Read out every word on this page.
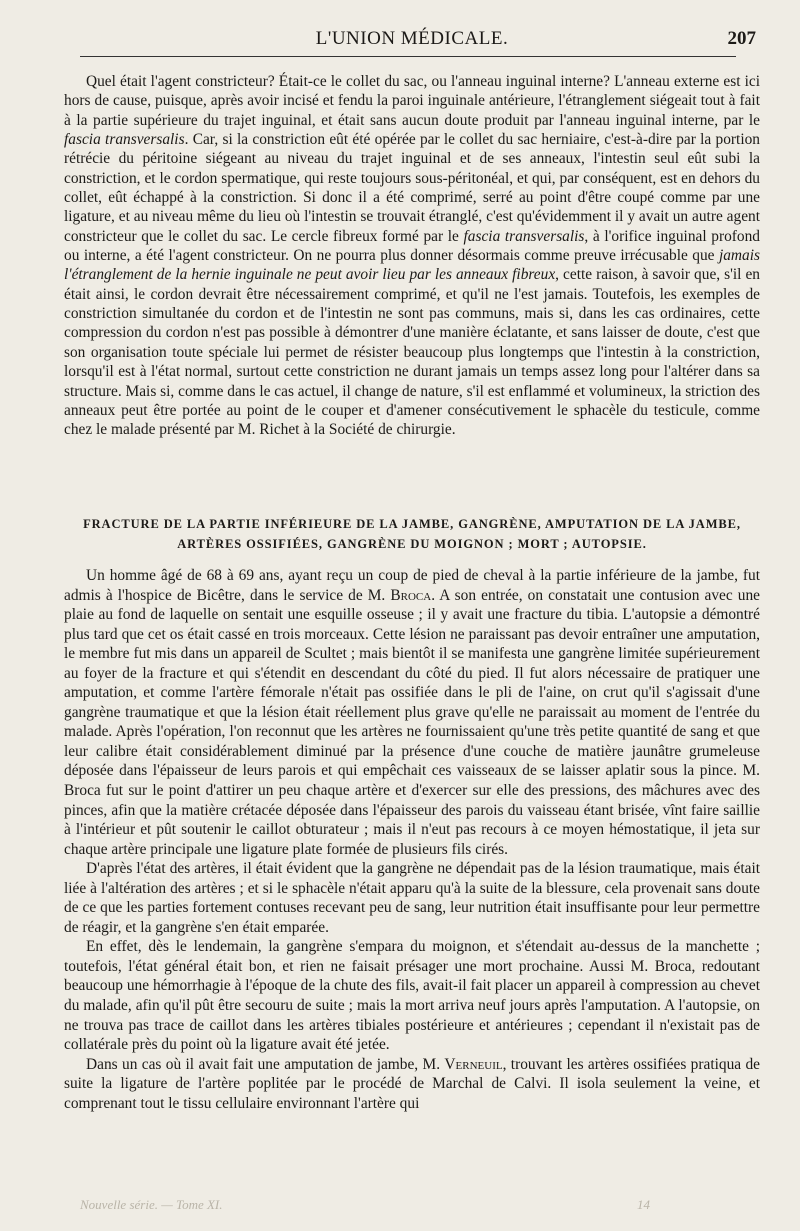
L'UNION MÉDICALE.	207

Quel était l'agent constricteur? Était-ce le collet du sac, ou l'anneau inguinal interne? L'anneau externe est ici hors de cause, puisque, après avoir incisé et fendu la paroi inguinale antérieure, l'étranglement siégeait tout à fait à la partie supérieure du trajet inguinal, et était sans aucun doute produit par l'anneau inguinal interne, par le fascia transversalis. Car, si la constriction eût été opérée par le collet du sac herniaire, c'est-à-dire par la portion rétrécie du péritoine siégeant au niveau du trajet inguinal et de ses anneaux, l'intestin seul eût subi la constriction, et le cordon spermatique, qui reste toujours sous-péritonéal, et qui, par conséquent, est en dehors du collet, eût échappé à la constriction. Si donc il a été comprimé, serré au point d'être coupé comme par une ligature, et au niveau même du lieu où l'intestin se trouvait étranglé, c'est qu'évidemment il y avait un autre agent constricteur que le collet du sac. Le cercle fibreux formé par le fascia transversalis, à l'orifice inguinal profond ou interne, a été l'agent constricteur. On ne pourra plus donner désormais comme preuve irrécusable que jamais l'étranglement de la hernie inguinale ne peut avoir lieu par les anneaux fibreux, cette raison, à savoir que, s'il en était ainsi, le cordon devrait être nécessairement comprimé, et qu'il ne l'est jamais. Toutefois, les exemples de constriction simultanée du cordon et de l'intestin ne sont pas communs, mais si, dans les cas ordinaires, cette compression du cordon n'est pas possible à démontrer d'une manière éclatante, et sans laisser de doute, c'est que son organisation toute spéciale lui permet de résister beaucoup plus longtemps que l'intestin à la constriction, lorsqu'il est à l'état normal, surtout cette constriction ne durant jamais un temps assez long pour l'altérer dans sa structure. Mais si, comme dans le cas actuel, il change de nature, s'il est enflammé et volumineux, la striction des anneaux peut être portée au point de le couper et d'amener consécutivement le sphacèle du testicule, comme chez le malade présenté par M. Richet à la Société de chirurgie.

FRACTURE DE LA PARTIE INFÉRIEURE DE LA JAMBE, GANGRÈNE, AMPUTATION DE LA JAMBE,
ARTÈRES OSSIFIÉES, GANGRÈNE DU MOIGNON ; MORT ; AUTOPSIE.

Un homme âgé de 68 à 69 ans, ayant reçu un coup de pied de cheval à la partie inférieure de la jambe, fut admis à l'hospice de Bicêtre, dans le service de M. Broca. A son entrée, on constatait une contusion avec une plaie au fond de laquelle on sentait une esquille osseuse ; il y avait une fracture du tibia. L'autopsie a démontré plus tard que cet os était cassé en trois morceaux. Cette lésion ne paraissant pas devoir entraîner une amputation, le membre fut mis dans un appareil de Scultet ; mais bientôt il se manifesta une gangrène limitée supérieurement au foyer de la fracture et qui s'étendit en descendant du côté du pied. Il fut alors nécessaire de pratiquer une amputation, et comme l'artère fémorale n'était pas ossifiée dans le pli de l'aine, on crut qu'il s'agissait d'une gangrène traumatique et que la lésion était réellement plus grave qu'elle ne paraissait au moment de l'entrée du malade. Après l'opération, l'on reconnut que les artères ne fournissaient qu'une très petite quantité de sang et que leur calibre était considérablement diminué par la présence d'une couche de matière jaunâtre grumeleuse déposée dans l'épaisseur de leurs parois et qui empêchait ces vaisseaux de se laisser aplatir sous la pince. M. Broca fut sur le point d'attirer un peu chaque artère et d'exercer sur elle des pressions, des mâchures avec des pinces, afin que la matière crétacée déposée dans l'épaisseur des parois du vaisseau étant brisée, vînt faire saillie à l'intérieur et pût soutenir le caillot obturateur ; mais il n'eut pas recours à ce moyen hémostatique, il jeta sur chaque artère principale une ligature plate formée de plusieurs fils cirés.

D'après l'état des artères, il était évident que la gangrène ne dépendait pas de la lésion traumatique, mais était liée à l'altération des artères ; et si le sphacèle n'était apparu qu'à la suite de la blessure, cela provenait sans doute de ce que les parties fortement contuses recevant peu de sang, leur nutrition était insuffisante pour leur permettre de réagir, et la gangrène s'en était emparée.

En effet, dès le lendemain, la gangrène s'empara du moignon, et s'étendait au-dessus de la manchette ; toutefois, l'état général était bon, et rien ne faisait présager une mort prochaine. Aussi M. Broca, redoutant beaucoup une hémorrhagie à l'époque de la chute des fils, avait-il fait placer un appareil à compression au chevet du malade, afin qu'il pût être secouru de suite ; mais la mort arriva neuf jours après l'amputation. A l'autopsie, on ne trouva pas trace de caillot dans les artères tibiales postérieure et antérieures ; cependant il n'existait pas de collatérale près du point où la ligature avait été jetée.

Dans un cas où il avait fait une amputation de jambe, M. Verneuil, trouvant les artères ossifiées pratiqua de suite la ligature de l'artère poplitée par le procédé de Marchal de Calvi. Il isola seulement la veine, et comprenant tout le tissu cellulaire environnant l'artère qui

Nouvelle série. — Tome XI.	14
